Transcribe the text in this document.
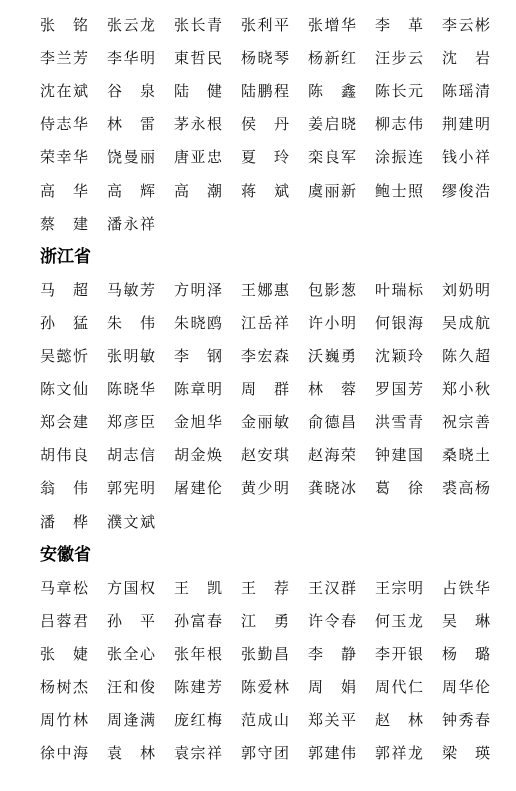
张铭 张云龙 张长青 张利平 张增华 李革 李云彬
李兰芳 李华明 東哲民 杨晓琴 杨新红 汪步云 沈岩
沈在斌 谷泉 陆健 陆鹏程 陈鑫 陈长元 陈瑶清
侍志华 林雷 茅永根 侯丹 姜启晓 柳志伟 荆建明
荣幸华 饶曼丽 唐亚忠 夏玲 栾良军 涂振连 钱小祥
高华 高辉 高潮 蒋斌 虞丽新 鲍士照 缪俊浩
蔡建 潘永祥
浙江省
马超 马敏芳 方明泽 王娜惠 包影葱 叶瑞标 刘奶明
孙猛 朱伟 朱晓鸥 江岳祥 许小明 何银海 吴成航
吴懿忻 张明敏 李钢 李宏森 沃巍勇 沈颖玲 陈久超
陈文仙 陈晓华 陈章明 周群 林蓉 罗国芳 郑小秋
郑会建 郑彦臣 金旭华 金丽敏 俞德昌 洪雪青 祝宗善
胡伟良 胡志信 胡金焕 赵安琪 赵海荣 钟建国 桑晓土
翁伟 郭宪明 屠建伦 黄少明 龚晓冰 葛徐 裘高杨
潘桦 濮文斌
安徽省
马章松 方国权 王凯 王荐 王汉群 王宗明 占铁华
吕蓉君 孙平 孙富春 江勇 许令春 何玉龙 吴琳
张婕 张全心 张年根 张勤昌 李静 李开银 杨璐
杨树杰 汪和俊 陈建芳 陈爱林 周娟 周代仁 周华伦
周竹林 周逢满 庞红梅 范成山 郑关平 赵林 钟秀春
徐中海 袁林 袁宗祥 郭守团 郭建伟 郭祥龙 梁瑛
